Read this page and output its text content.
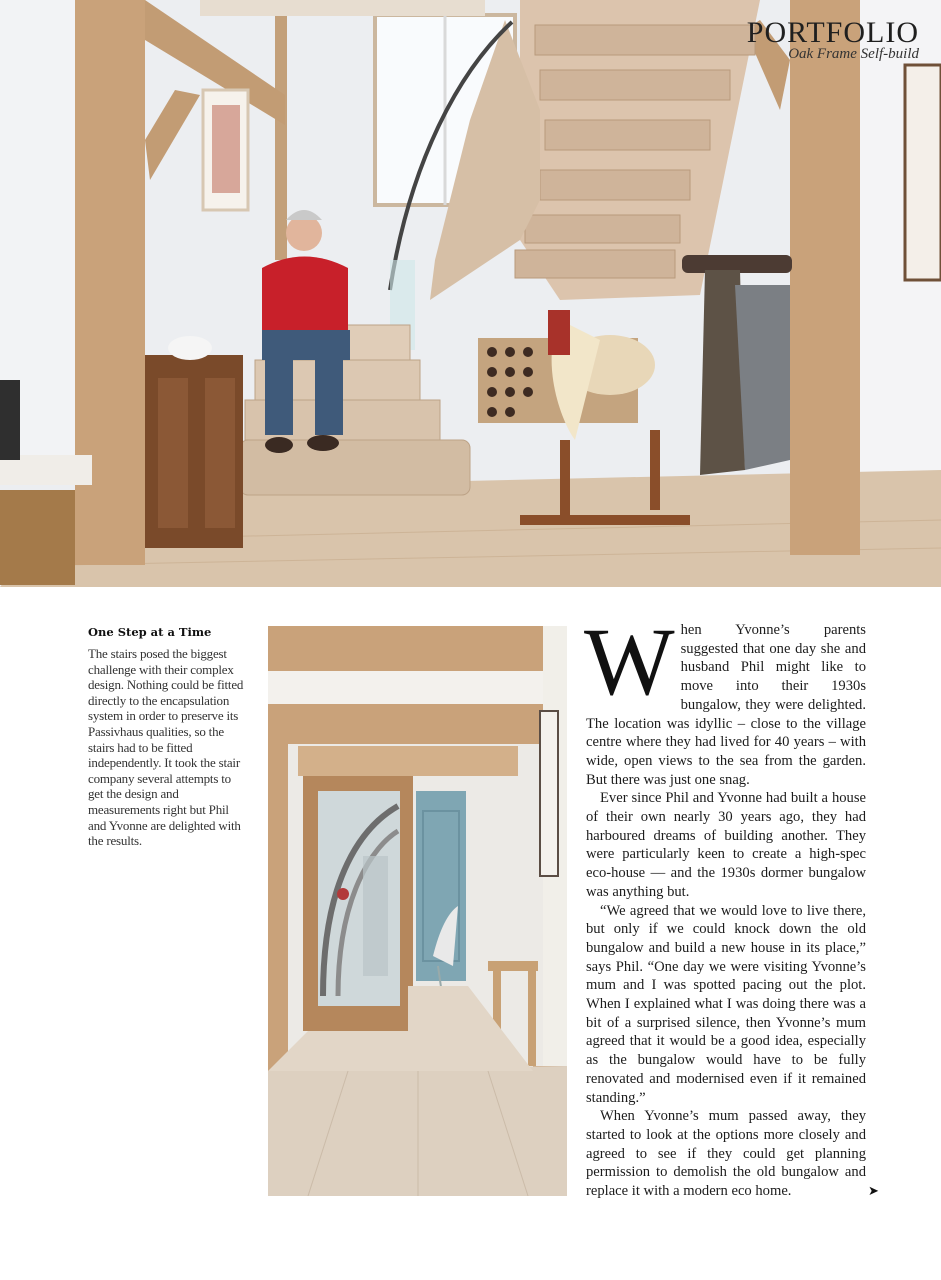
PORTFOLIO
Oak Frame Self-build
One Step at a Time

The stairs posed the biggest challenge with their complex design. Nothing could be fitted directly to the encapsulation system in order to preserve its Passivhaus qualities, so the stairs had to be fitted independently. It took the stair company several attempts to get the design and measurements right but Phil and Yvonne are delighted with the results.

When Yvonne’s parents suggested that one day she and husband Phil might like to move into their 1930s bungalow, they were delighted. The location was idyllic – close to the village centre where they had lived for 40 years – with wide, open views to the sea from the garden. But there was just one snag.

Ever since Phil and Yvonne had built a house of their own nearly 30 years ago, they had harboured dreams of building another. They were particularly keen to create a high-spec eco-house — and the 1930s dormer bungalow was anything but.

“We agreed that we would love to live there, but only if we could knock down the old bungalow and build a new house in its place,” says Phil. “One day we were visiting Yvonne’s mum and I was spotted pacing out the plot. When I explained what I was doing there was a bit of a surprised silence, then Yvonne’s mum agreed that it would be a good idea, especially as the bungalow would have to be fully renovated and modernised even if it remained standing.”

When Yvonne’s mum passed away, they started to look at the options more closely and agreed to see if they could get planning permission to demolish the old bungalow and replace it with a modern eco home.	➤
